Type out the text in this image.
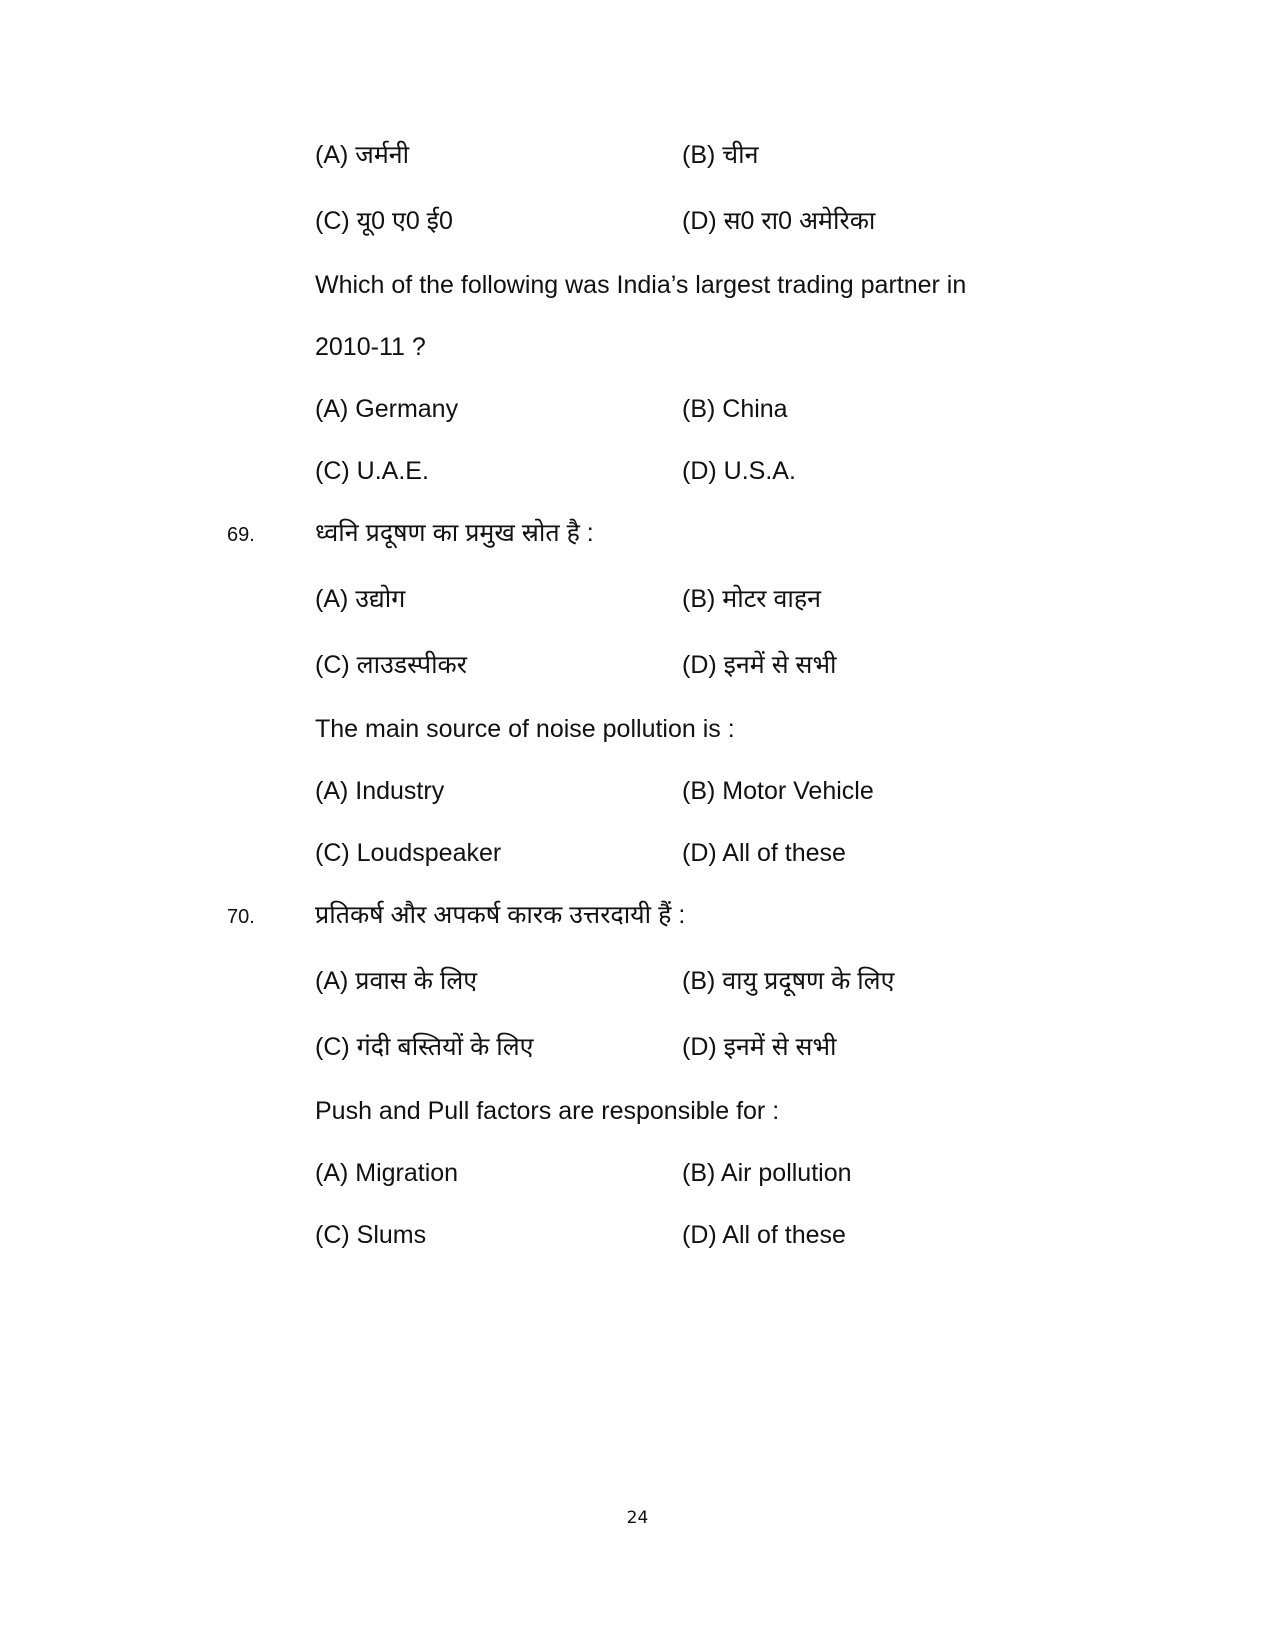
(A) जर्मनी	(B) चीन
(C) यू0 ए0 ई0	(D) स0 रा0 अमेरिका
Which of the following was India’s largest trading partner in
2010-11 ?
(A) Germany	(B) China
(C) U.A.E.	(D) U.S.A.
69. ध्वनि प्रदूषण का प्रमुख स्रोत है :
(A) उद्योग	(B) मोटर वाहन
(C) लाउडस्पीकर	(D) इनमें से सभी
The main source of noise pollution is :
(A) Industry	(B) Motor Vehicle
(C) Loudspeaker	(D) All of these
70. प्रतिकर्ष और अपकर्ष कारक उत्तरदायी हैं :
(A) प्रवास के लिए	(B) वायु प्रदूषण के लिए
(C) गंदी बस्तियों के लिए	(D) इनमें से सभी
Push and Pull factors are responsible for :
(A) Migration	(B) Air pollution
(C) Slums	(D) All of these
24
